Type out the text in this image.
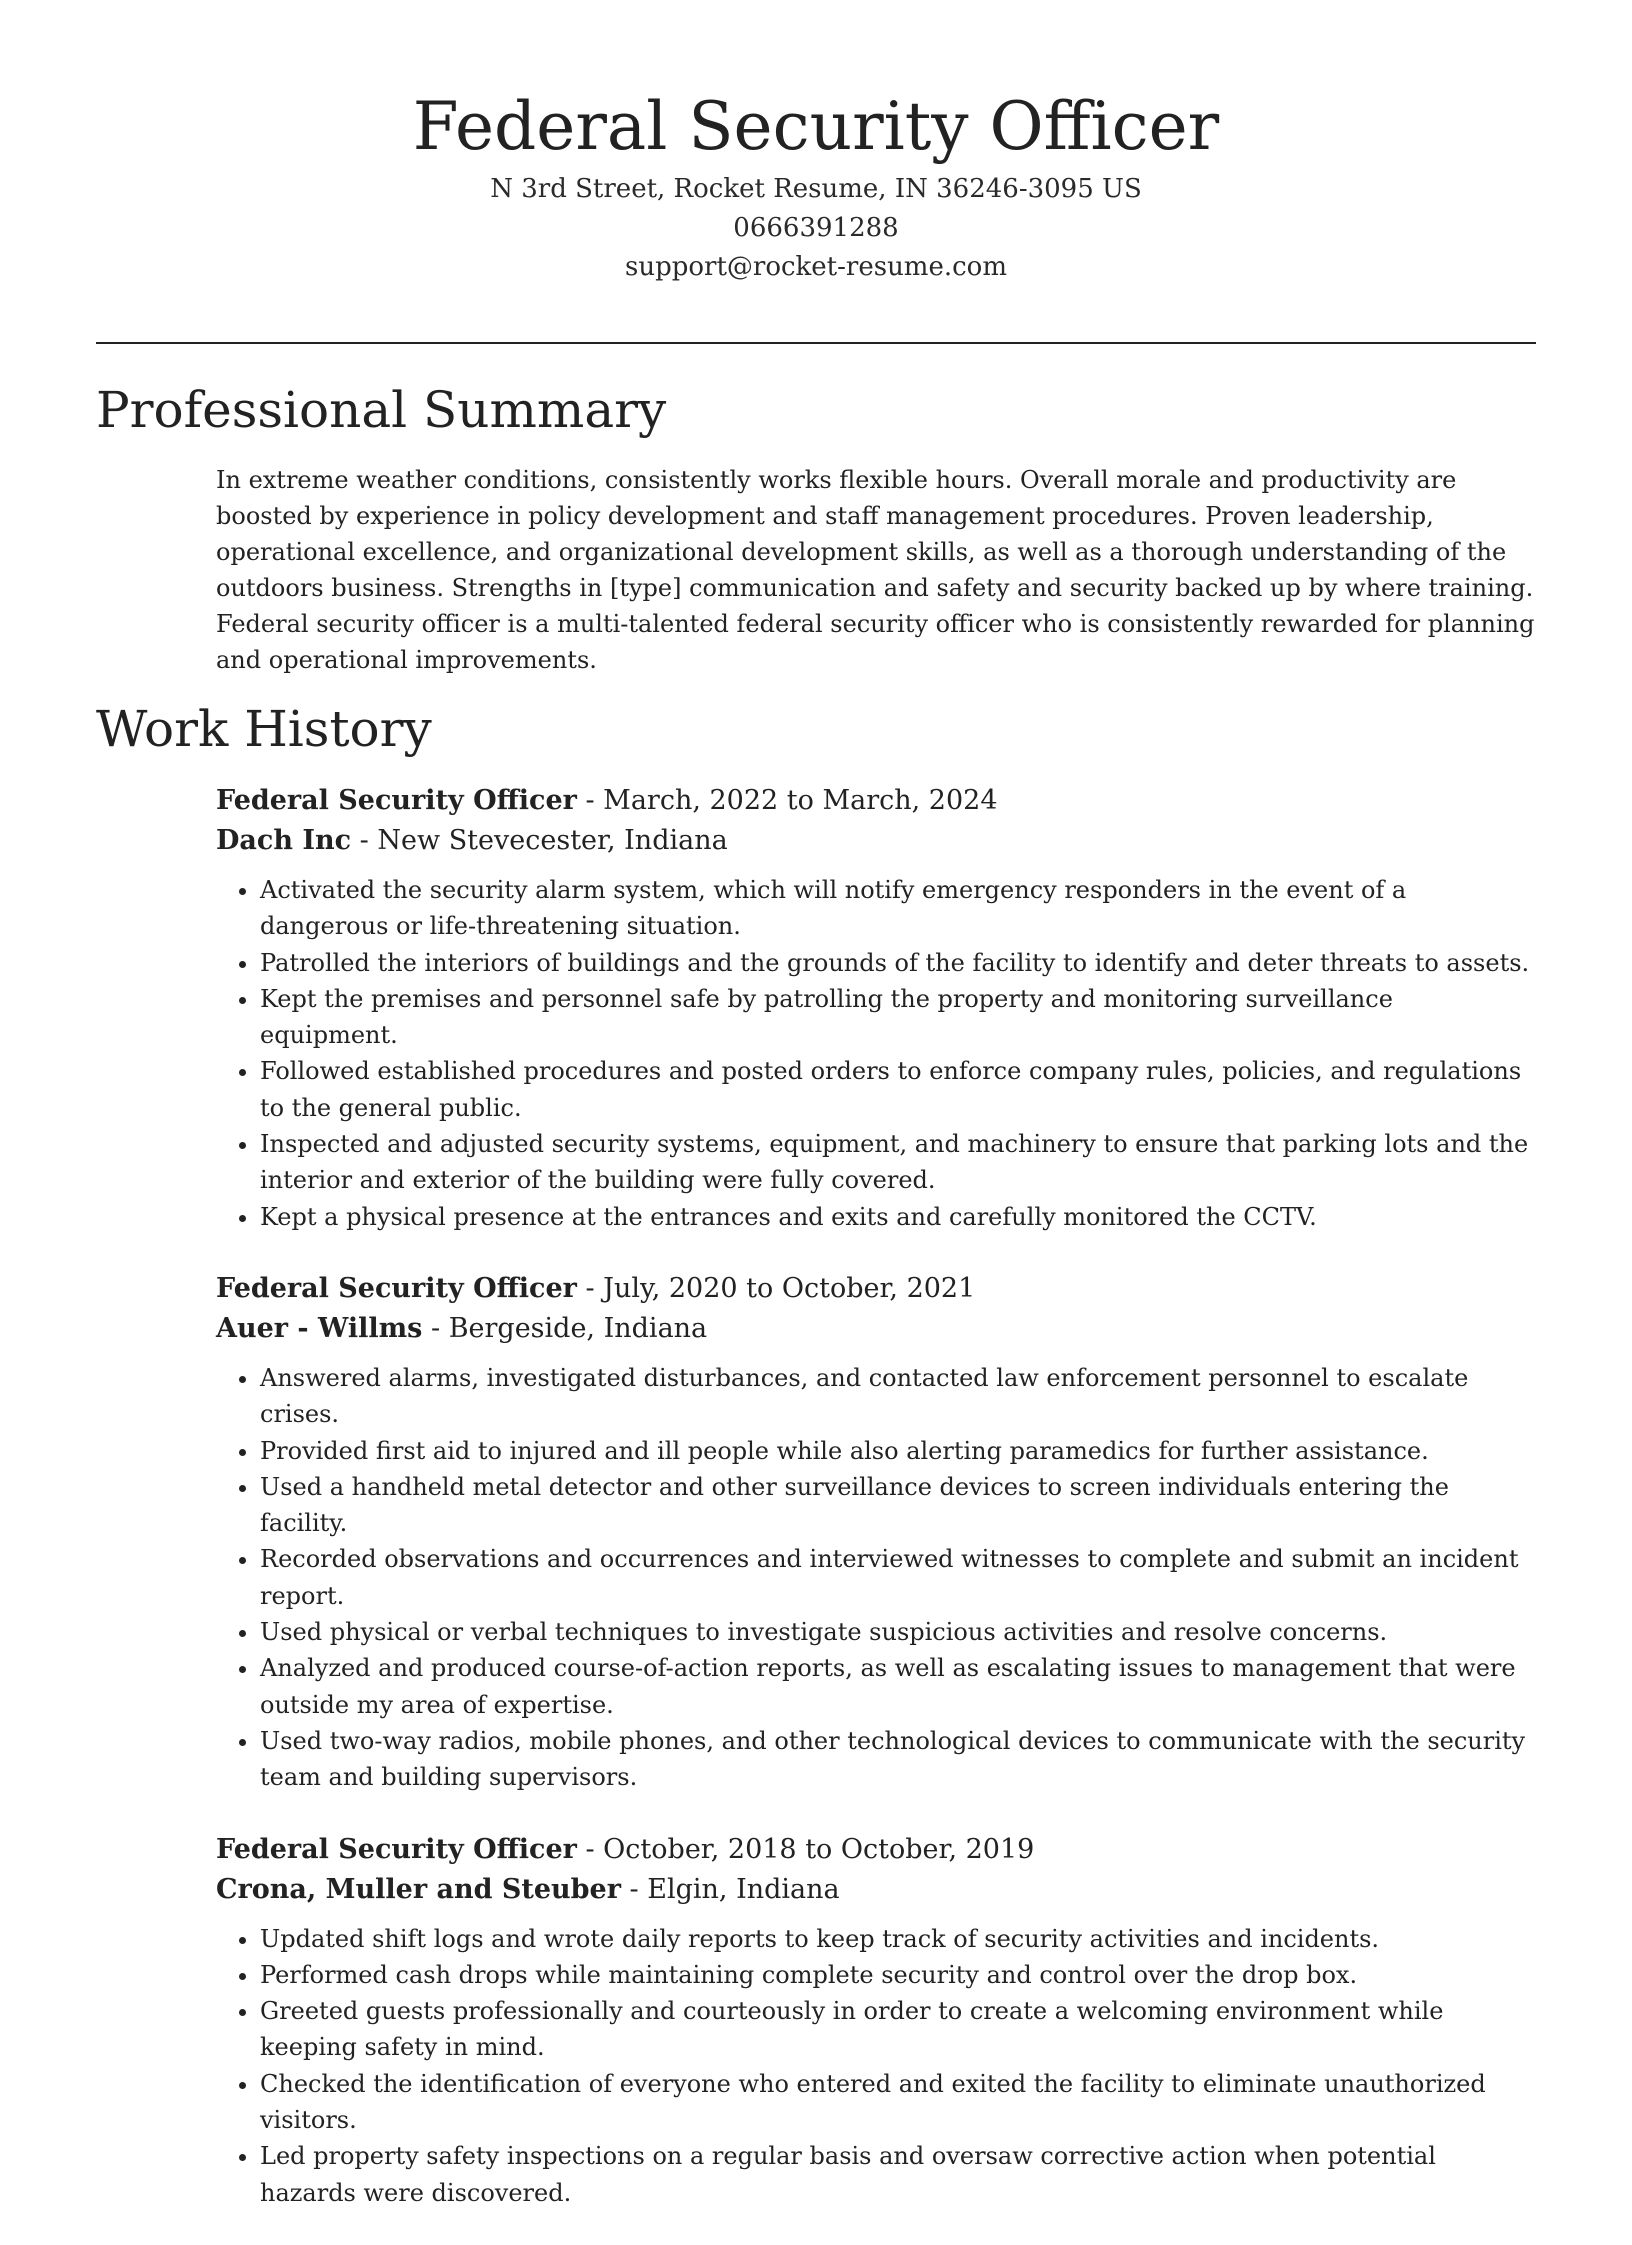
Federal Security Officer
N 3rd Street, Rocket Resume, IN 36246-3095 US
0666391288
support@rocket-resume.com
Professional Summary

In extreme weather conditions, consistently works flexible hours. Overall morale and productivity are boosted by experience in policy development and staff management procedures. Proven leadership, operational excellence, and organizational development skills, as well as a thorough understanding of the outdoors business. Strengths in [type] communication and safety and security backed up by where training. Federal security officer is a multi-talented federal security officer who is consistently rewarded for planning and operational improvements.

Work History
Federal Security Officer - March, 2022 to March, 2024
Dach Inc - New Stevecester, Indiana
• Activated the security alarm system, which will notify emergency responders in the event of a dangerous or life-threatening situation.
• Patrolled the interiors of buildings and the grounds of the facility to identify and deter threats to assets.
• Kept the premises and personnel safe by patrolling the property and monitoring surveillance equipment.
• Followed established procedures and posted orders to enforce company rules, policies, and regulations to the general public.
• Inspected and adjusted security systems, equipment, and machinery to ensure that parking lots and the interior and exterior of the building were fully covered.
• Kept a physical presence at the entrances and exits and carefully monitored the CCTV.
Federal Security Officer - July, 2020 to October, 2021
Auer - Willms - Bergeside, Indiana
• Answered alarms, investigated disturbances, and contacted law enforcement personnel to escalate crises.
• Provided first aid to injured and ill people while also alerting paramedics for further assistance.
• Used a handheld metal detector and other surveillance devices to screen individuals entering the facility.
• Recorded observations and occurrences and interviewed witnesses to complete and submit an incident report.
• Used physical or verbal techniques to investigate suspicious activities and resolve concerns.
• Analyzed and produced course-of-action reports, as well as escalating issues to management that were outside my area of expertise.
• Used two-way radios, mobile phones, and other technological devices to communicate with the security team and building supervisors.
Federal Security Officer - October, 2018 to October, 2019
Crona, Muller and Steuber - Elgin, Indiana
• Updated shift logs and wrote daily reports to keep track of security activities and incidents.
• Performed cash drops while maintaining complete security and control over the drop box.
• Greeted guests professionally and courteously in order to create a welcoming environment while keeping safety in mind.
• Checked the identification of everyone who entered and exited the facility to eliminate unauthorized visitors.
• Led property safety inspections on a regular basis and oversaw corrective action when potential hazards were discovered.
